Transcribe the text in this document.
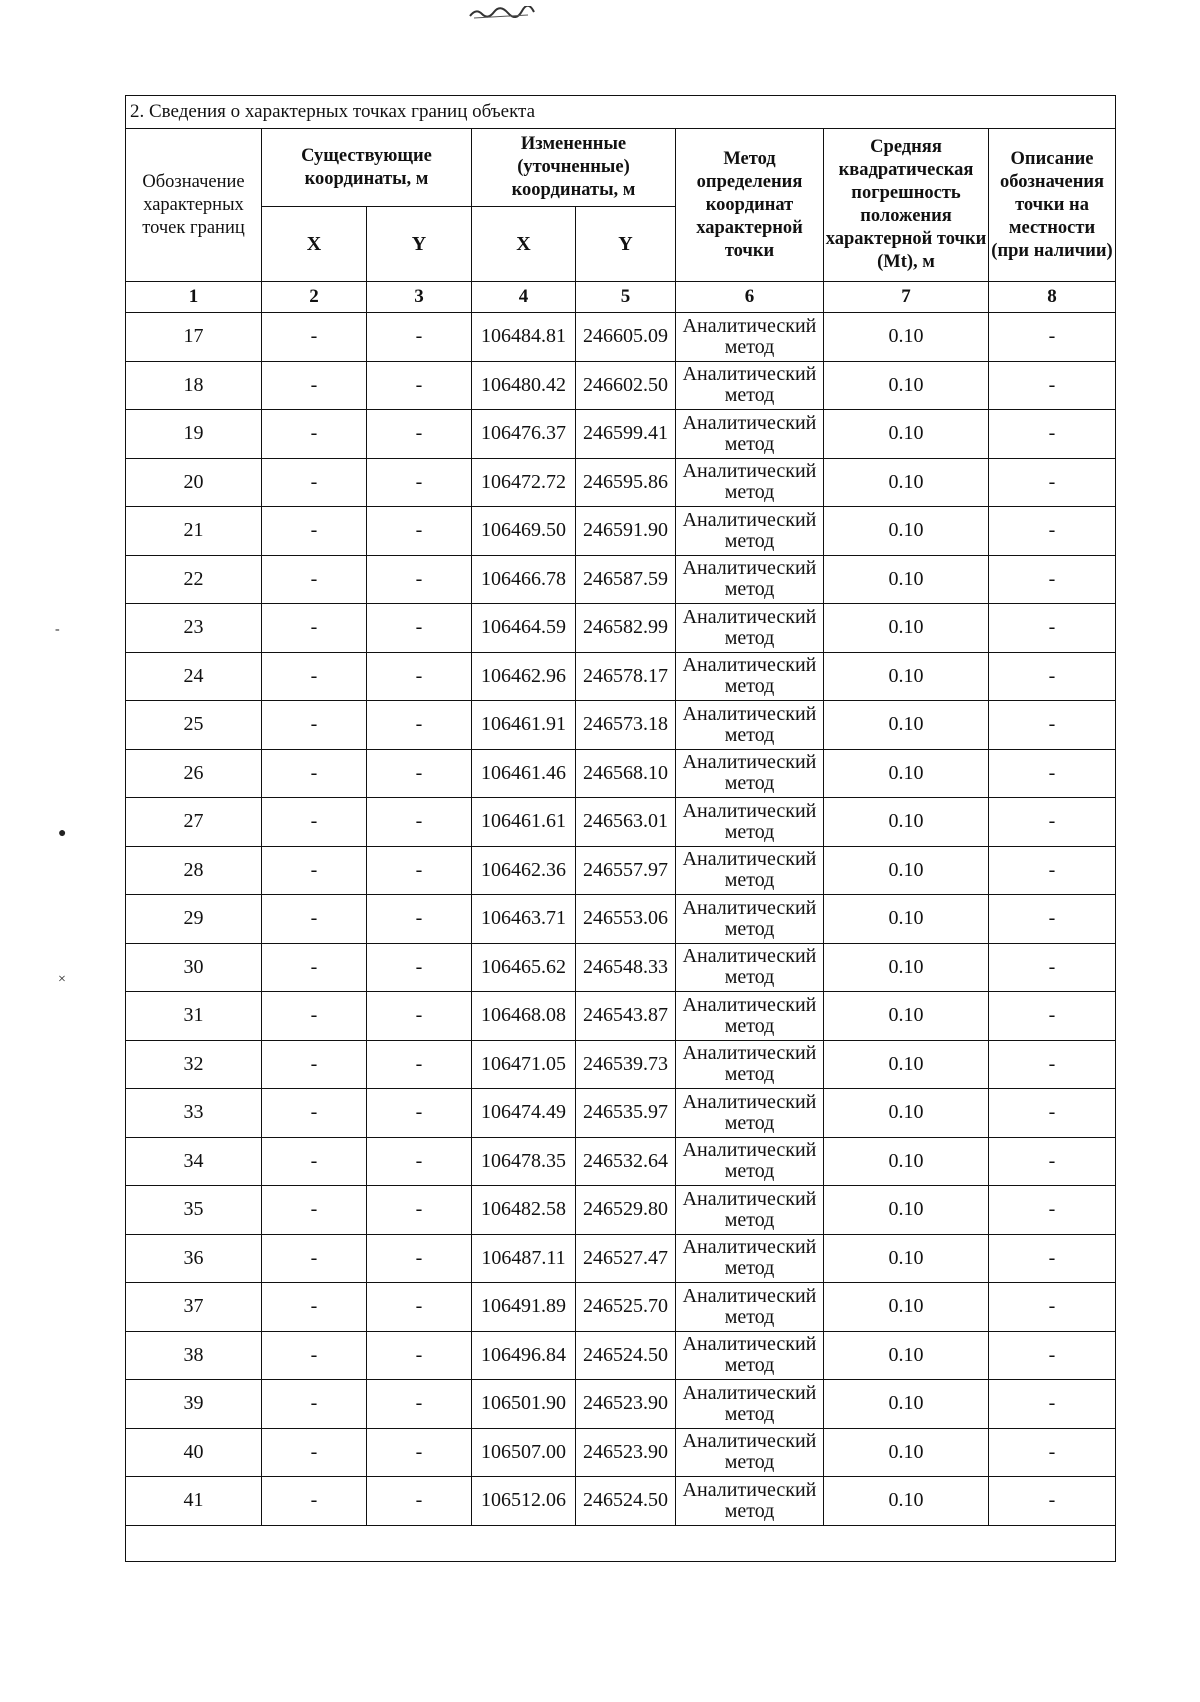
-
●
×
2. Сведения о характерных точках границ объекта							
Обозначение характерных точек границ	Существующие координаты, м		Измененные (уточненные) координаты, м		Метод определения координат характерной точки	Средняя квадратическая погрешность положения характерной точки (Mt), м	Описание обозначения точки на местности (при наличии)
	X	Y	X	Y			
1	2	3	4	5	6	7	8
17	-	-	106484.81	246605.09	Аналитический метод	0.10	-
18	-	-	106480.42	246602.50	Аналитический метод	0.10	-
19	-	-	106476.37	246599.41	Аналитический метод	0.10	-
20	-	-	106472.72	246595.86	Аналитический метод	0.10	-
21	-	-	106469.50	246591.90	Аналитический метод	0.10	-
22	-	-	106466.78	246587.59	Аналитический метод	0.10	-
23	-	-	106464.59	246582.99	Аналитический метод	0.10	-
24	-	-	106462.96	246578.17	Аналитический метод	0.10	-
25	-	-	106461.91	246573.18	Аналитический метод	0.10	-
26	-	-	106461.46	246568.10	Аналитический метод	0.10	-
27	-	-	106461.61	246563.01	Аналитический метод	0.10	-
28	-	-	106462.36	246557.97	Аналитический метод	0.10	-
29	-	-	106463.71	246553.06	Аналитический метод	0.10	-
30	-	-	106465.62	246548.33	Аналитический метод	0.10	-
31	-	-	106468.08	246543.87	Аналитический метод	0.10	-
32	-	-	106471.05	246539.73	Аналитический метод	0.10	-
33	-	-	106474.49	246535.97	Аналитический метод	0.10	-
34	-	-	106478.35	246532.64	Аналитический метод	0.10	-
35	-	-	106482.58	246529.80	Аналитический метод	0.10	-
36	-	-	106487.11	246527.47	Аналитический метод	0.10	-
37	-	-	106491.89	246525.70	Аналитический метод	0.10	-
38	-	-	106496.84	246524.50	Аналитический метод	0.10	-
39	-	-	106501.90	246523.90	Аналитический метод	0.10	-
40	-	-	106507.00	246523.90	Аналитический метод	0.10	-
41	-	-	106512.06	246524.50	Аналитический метод	0.10	-
